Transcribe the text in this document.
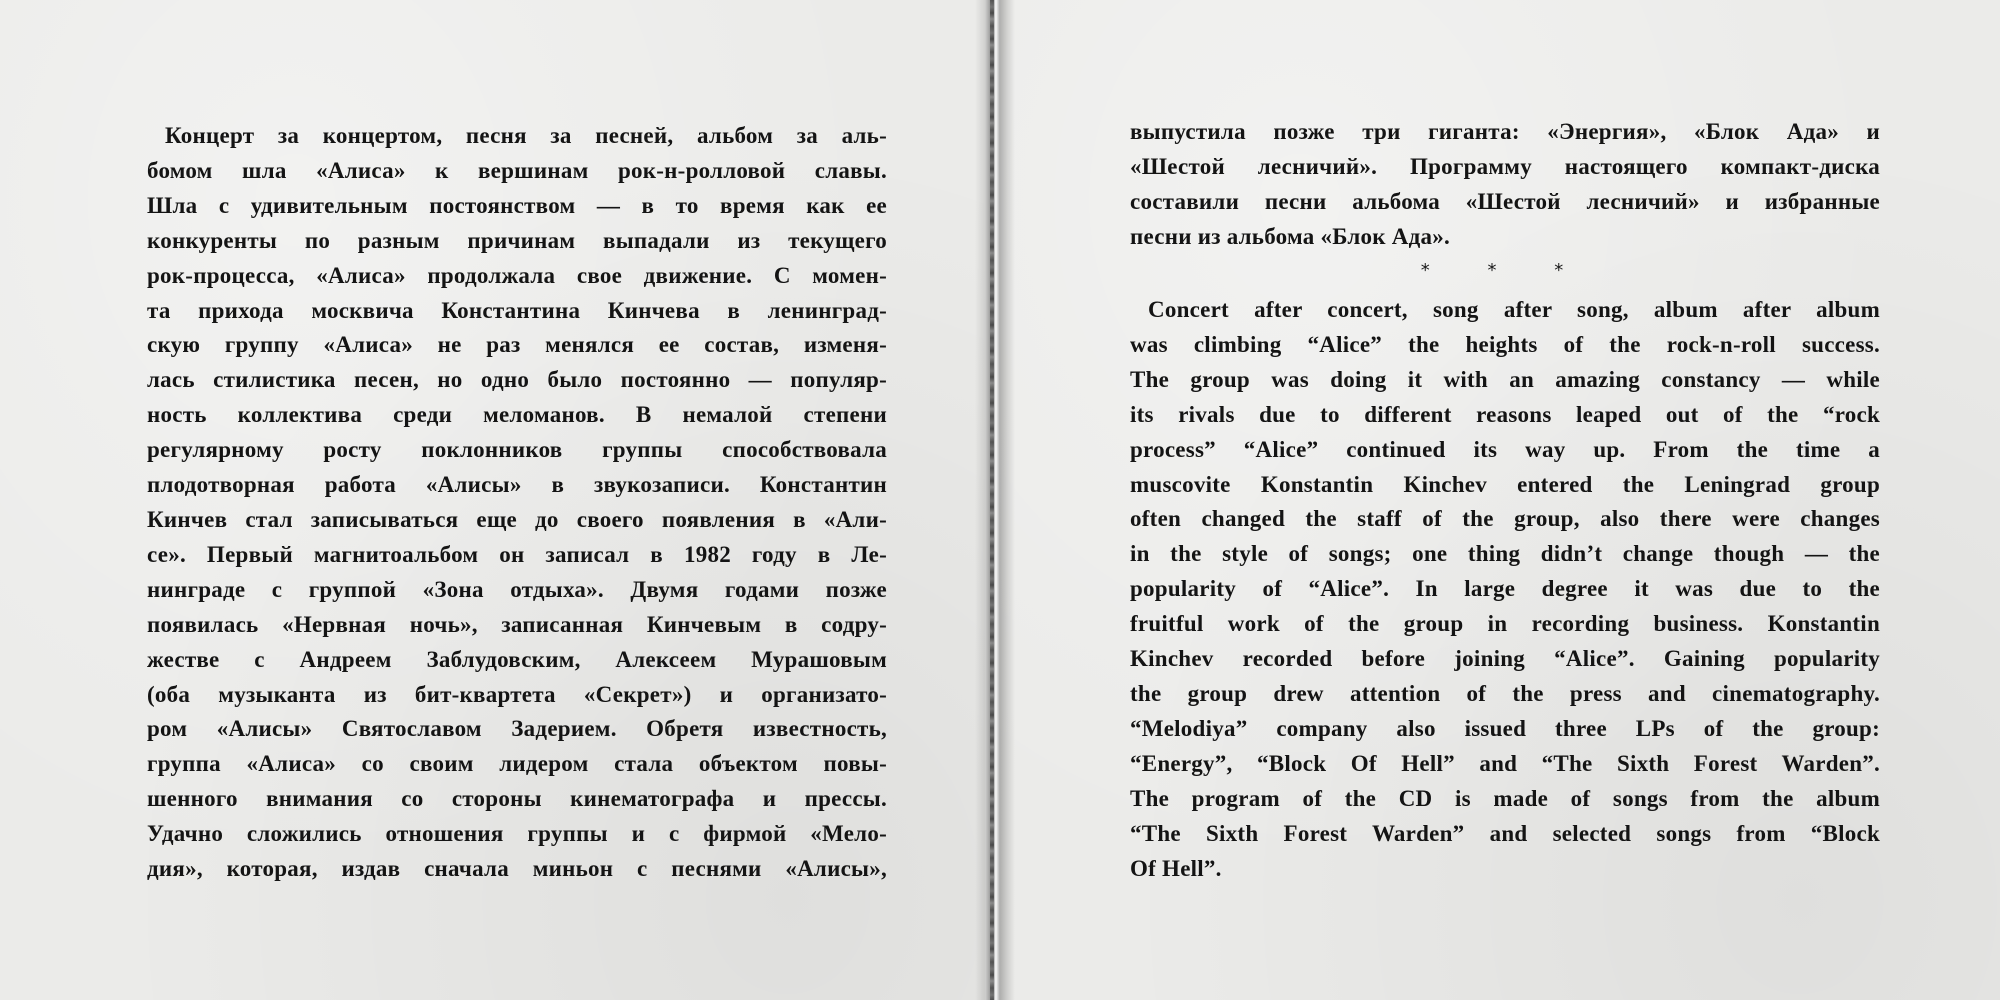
Концерт за концертом, песня за песней, альбом за аль-
бомом шла «Алиса» к вершинам рок-н-ролловой славы.
Шла с удивительным постоянством — в то время как ее
конкуренты по разным причинам выпадали из текущего
рок-процесса, «Алиса» продолжала свое движение. С момен-
та прихода москвича Константина Кинчева в ленинград-
скую группу «Алиса» не раз менялся ее состав, изменя-
лась стилистика песен, но одно было постоянно — популяр-
ность коллектива среди меломанов. В немалой степени
регулярному росту поклонников группы способствовала
плодотворная работа «Алисы» в звукозаписи. Константин
Кинчев стал записываться еще до своего появления в «Али-
се». Первый магнитоальбом он записал в 1982 году в Ле-
нинграде с группой «Зона отдыха». Двумя годами позже
появилась «Нервная ночь», записанная Кинчевым в содру-
жестве с Андреем Заблудовским, Алексеем Мурашовым
(оба музыканта из бит-квартета «Секрет») и организато-
ром «Алисы» Святославом Задерием. Обретя известность,
группа «Алиса» со своим лидером стала объектом повы-
шенного внимания со стороны кинематографа и прессы.
Удачно сложились отношения группы и с фирмой «Мело-
дия», которая, издав сначала миньон с песнями «Алисы»,
выпустила позже три гиганта: «Энергия», «Блок Ада» и
«Шестой лесничий». Программу настоящего компакт-диска
составили песни альбома «Шестой лесничий» и избранные
песни из альбома «Блок Ада».
* * *
Concert after concert, song after song, album after album
was climbing “Alice” the heights of the rock-n-roll success.
The group was doing it with an amazing constancy — while
its rivals due to different reasons leaped out of the “rock
process” “Alice” continued its way up. From the time a
muscovite Konstantin Kinchev entered the Leningrad group
often changed the staff of the group, also there were changes
in the style of songs; one thing didn’t change though — the
popularity of “Alice”. In large degree it was due to the
fruitful work of the group in recording business. Konstantin
Kinchev recorded before joining “Alice”. Gaining popularity
the group drew attention of the press and cinematography.
“Melodiya” company also issued three LPs of the group:
“Energy”, “Block Of Hell” and “The Sixth Forest Warden”.
The program of the CD is made of songs from the album
“The Sixth Forest Warden” and selected songs from “Block
Of Hell”.
